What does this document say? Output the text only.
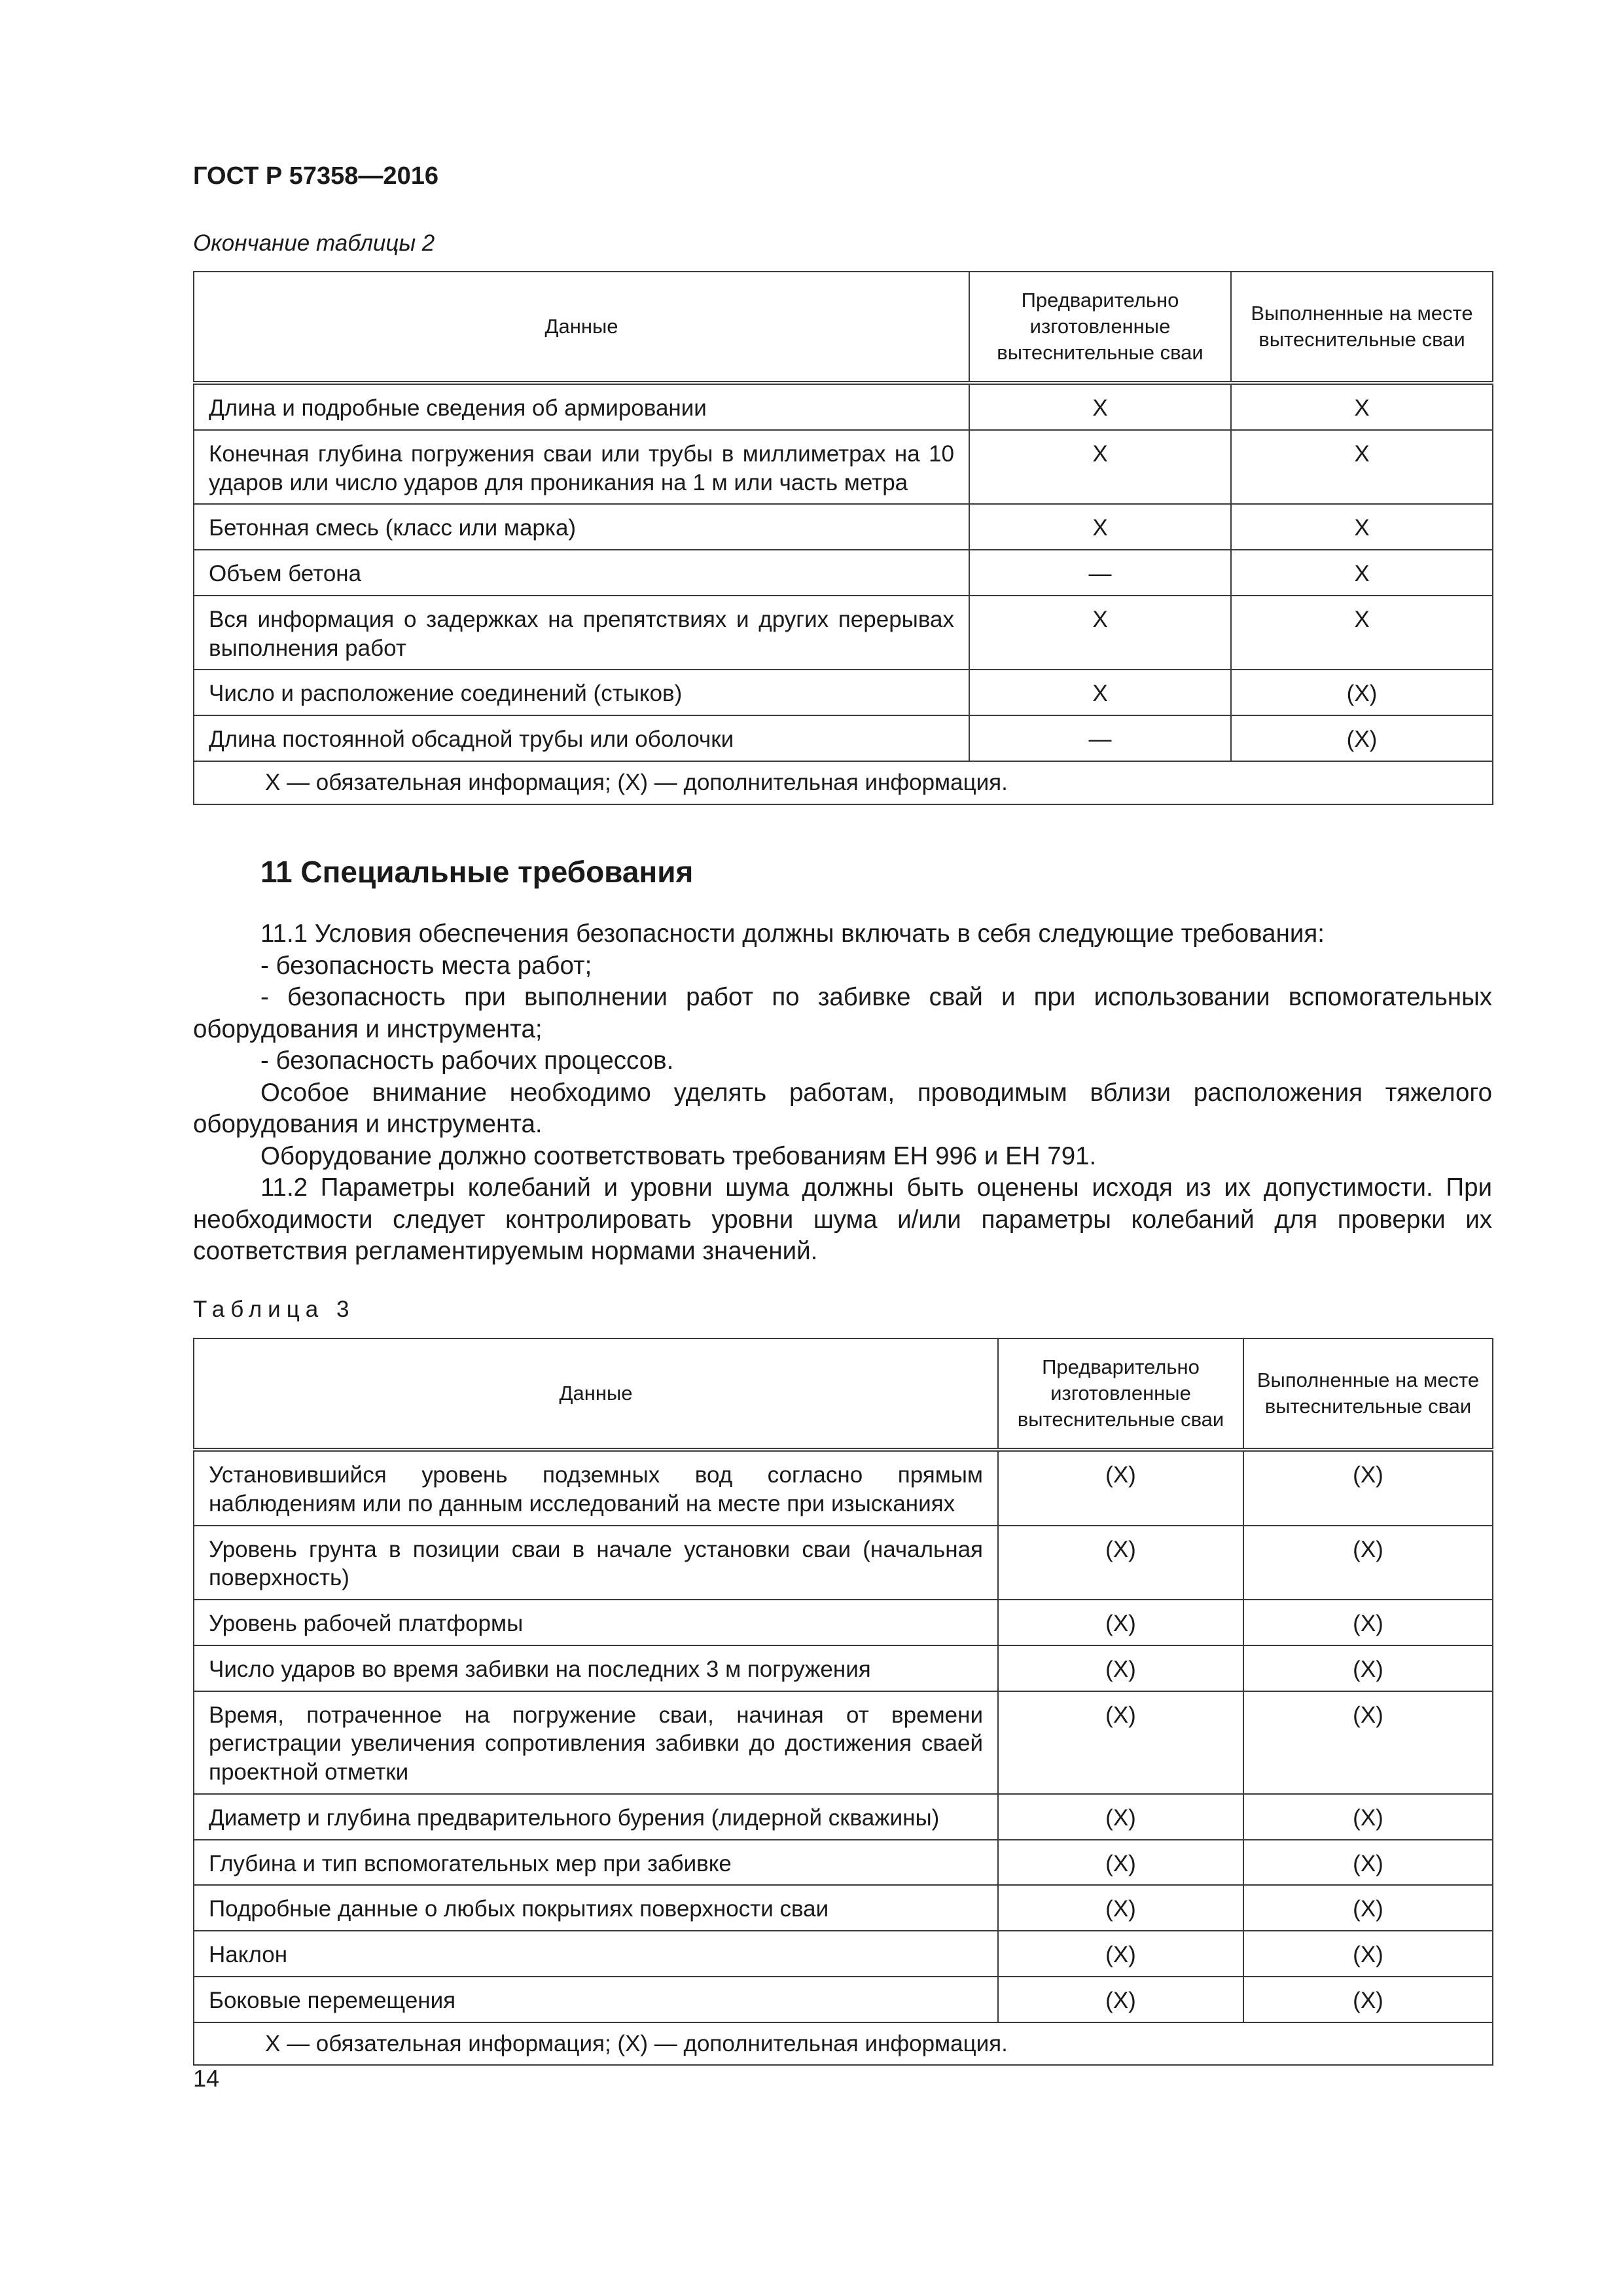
ГОСТ Р 57358—2016
Окончание таблицы 2
Данные	Предварительно изготовленные вытеснительные сваи	Выполненные на месте вытеснительные сваи
Длина и подробные сведения об армировании	X	X
Конечная глубина погружения сваи или трубы в миллиметрах на 10 ударов или число ударов для проникания на 1 м или часть метра	X	X
Бетонная смесь (класс или марка)	X	X
Объем бетона	—	X
Вся информация о задержках на препятствиях и других перерывах выполнения работ	X	X
Число и расположение соединений (стыков)	X	(X)
Длина постоянной обсадной трубы или оболочки	—	(X)
X — обязательная информация; (X) — дополнительная информация.		
11 Специальные требования

11.1 Условия обеспечения безопасности должны включать в себя следующие требования:

- безопасность места работ;

- безопасность при выполнении работ по забивке свай и при использовании вспомогательных оборудования и инструмента;

- безопасность рабочих процессов.

Особое внимание необходимо уделять работам, проводимым вблизи расположения тяжелого оборудования и инструмента.

Оборудование должно соответствовать требованиям ЕН 996 и ЕН 791.

11.2 Параметры колебаний и уровни шума должны быть оценены исходя из их допустимости. При необходимости следует контролировать уровни шума и/или параметры колебаний для проверки их соответствия регламентируемым нормами значений.

Таблица 3
Данные	Предварительно изготовленные вытеснительные сваи	Выполненные на месте вытеснительные сваи
Установившийся уровень подземных вод согласно прямым наблюдениям или по данным исследований на месте при изысканиях	(X)	(X)
Уровень грунта в позиции сваи в начале установки сваи (начальная поверхность)	(X)	(X)
Уровень рабочей платформы	(X)	(X)
Число ударов во время забивки на последних 3 м погружения	(X)	(X)
Время, потраченное на погружение сваи, начиная от времени регистрации увеличения сопротивления забивки до достижения сваей проектной отметки	(X)	(X)
Диаметр и глубина предварительного бурения (лидерной скважины)	(X)	(X)
Глубина и тип вспомогательных мер при забивке	(X)	(X)
Подробные данные о любых покрытиях поверхности сваи	(X)	(X)
Наклон	(X)	(X)
Боковые перемещения	(X)	(X)
X — обязательная информация; (X) — дополнительная информация.		
14
